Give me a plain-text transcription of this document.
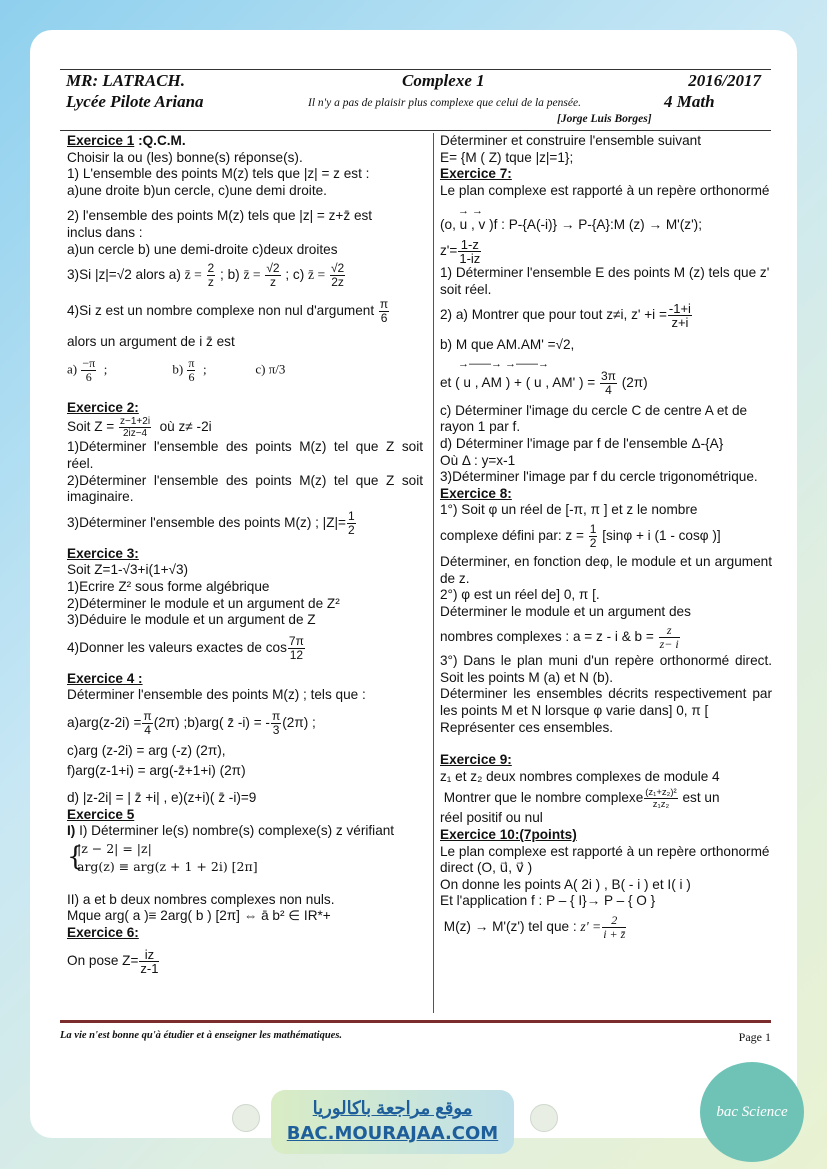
MR: LATRACH.
Lycée Pilote Ariana
Complexe 1
Il n'y a pas de plaisir plus complexe que celui de la pensée.
[Jorge Luis Borges]
2016/2017
4 Math

Exercice 1 :Q.C.M.

Choisir la ou (les) bonne(s) réponse(s).

1) L'ensemble des points M(z) tels que |z| = z est :

a)une droite b)un cercle, c)une demi droite.

2) l'ensemble des points M(z) tels que |z| = z+z̄ est

inclus dans :

a)un cercle b) une demi-droite c)deux droites

3)Si |z|=√2 alors a) z̄ = $\frac{2}{z}$ ; b) z̄ = $\frac{√2}{z}$ ; c) z̄ = $\frac{√2}{2z}$

4)Si z est un nombre complexe non nul d'argument $\frac{\pi}{6}$

alors un argument de i z̄ est

$a) \frac{-\pi}{6}$ ;                    $b) \frac{\pi}{6}$ ;               c) π/3

Exercice 2:

Soit $Z = \frac{z-1+2i}{2iz-4}$ où z≠ -2i

1)Déterminer l'ensemble des points M(z) tel que Z soit réel.

2)Déterminer l'ensemble des points M(z) tel que Z soit imaginaire.

3)Déterminer l'ensemble des points M(z) ; $|Z|= \frac{1}{2}$

Exercice 3:

Soit Z=1-√3+i(1+√3)

1)Ecrire Z² sous forme algébrique

2)Déterminer le module et un argument de Z²

3)Déduire le module et un argument de Z

4)Donner les valeurs exactes de $\cos \frac{7\pi}{12}$

Exercice 4 :

Déterminer l'ensemble des points M(z) ; tels que :

$a)arg(z-2i) = \frac{\pi}{4} (2\pi)$ ;b)arg( z̄ -i) = - $\frac{\pi}{3} (2\pi)$ ;

c)arg (z-2i) = arg (-z) (2π),

f)arg(z-1+i) = arg(-z̄+1+i) (2π)

d) |z-2i| = | z̄ +i| , e)(z+i)( z̄ -i)=9

Exercice 5

I) I) Déterminer le(s) nombre(s) complexe(s) z vérifiant

{

|z − 2| = |z|

arg(z) ≡ arg(z + 1 + 2i) [2π]

II) a et b deux nombres complexes non nuls.

Mque arg( a )≡ 2arg( b ) [2π] ⇔ ā b² ∈ IR*+

Exercice 6:

On pose $Z= \frac{iz}{z-1}$

Déterminer et construire l'ensemble suivant

E= {M ( Z) tque |z|=1};

Exercice 7:

Le plan complexe est rapporté à un repère orthonormé

→ →

(o, u , v )f : P-{A(-i)} → P-{A}:M (z) → M'(z');

$z'= \frac{1-z}{1-iz}$

1) Déterminer l'ensemble E des points M (z) tels que z' soit réel.

2) a) Montrer que pour tout z≠i, $z' +i = \frac{-1+i}{z+i}$

b) M que AM.AM' =√2,

→——→ →——→

et ( u , AM ) + ( u , AM' ) = $\frac{3\pi}{4} (2\pi)$

c) Déterminer l'image du cercle C de centre A et de rayon 1 par f.

d) Déterminer l'image par f de l'ensemble Δ-{A}

Où Δ : y=x-1

3)Déterminer l'image par f du cercle trigonométrique.

Exercice 8:

1°) Soit φ un réel de [-π, π ] et z le nombre

complexe défini par: $z = \frac{1}{2} [\sin\varphi + i$ (1 - cosφ )]

Déterminer, en fonction deφ, le module et un argument de z.

2°) φ est un réel de] 0, π [.

Déterminer le module et un argument des

nombres complexes : a = z - i & $b = \frac{z}{z- i}$

3°) Dans le plan muni d'un repère orthonormé direct. Soit les points M (a) et N (b).

Déterminer les ensembles décrits respectivement par les points M et N lorsque φ varie dans] 0, π [

Représenter ces ensembles.

Exercice 9:

z₁ et z₂ deux nombres complexes de module 4

Montrer que le nombre complexe $\frac{\text{(z₁+z₂)²}}{\text{z₁z₂}}$ est un

réel positif ou nul

Exercice 10:(7points)

Le plan complexe est rapporté à un repère orthonormé direct (O, u⃗, v⃗ )

On donne les points A( 2i ) , B( - i ) et I( i )

Et l'application f : P – { I}→ P – { O }

M(z) → M'(z') tel que : $z' = \frac{2}{i + z̄}$

La vie n'est bonne qu'à étudier et à enseigner les mathématiques.	Page 1
موقع مراجعة باكالوريا
BAC.MOURAJAA.COM
bac Science
